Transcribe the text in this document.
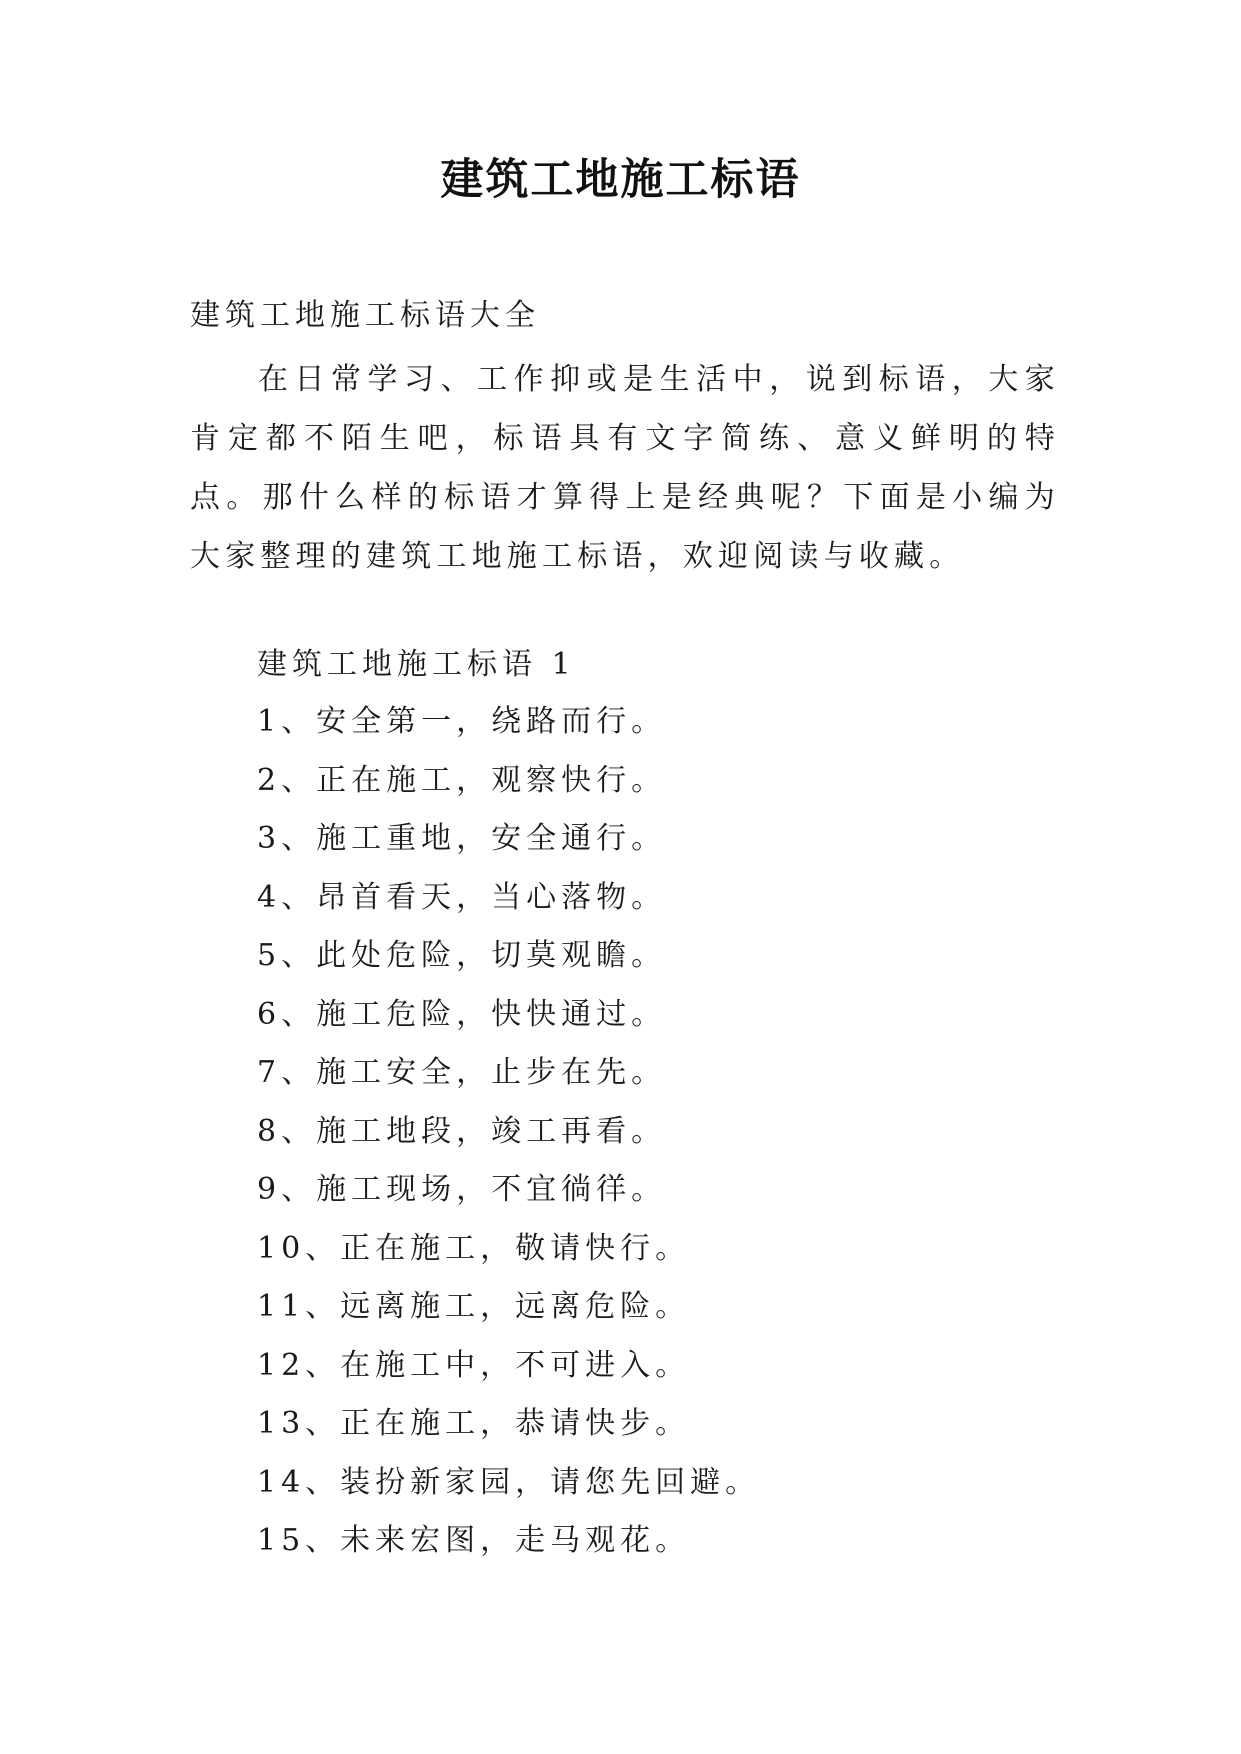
建筑工地施工标语

建筑工地施工标语大全

在日常学习、工作抑或是生活中，说到标语，大家肯定都不陌生吧，标语具有文字简练、意义鲜明的特点。那什么样的标语才算得上是经典呢？下面是小编为大家整理的建筑工地施工标语，欢迎阅读与收藏。

建筑工地施工标语 1

1、安全第一，绕路而行。
2、正在施工，观察快行。
3、施工重地，安全通行。
4、昂首看天，当心落物。
5、此处危险，切莫观瞻。
6、施工危险，快快通过。
7、施工安全，止步在先。
8、施工地段，竣工再看。
9、施工现场，不宜徜徉。
10、正在施工，敬请快行。
11、远离施工，远离危险。
12、在施工中，不可进入。
13、正在施工，恭请快步。
14、装扮新家园，请您先回避。
15、未来宏图，走马观花。
